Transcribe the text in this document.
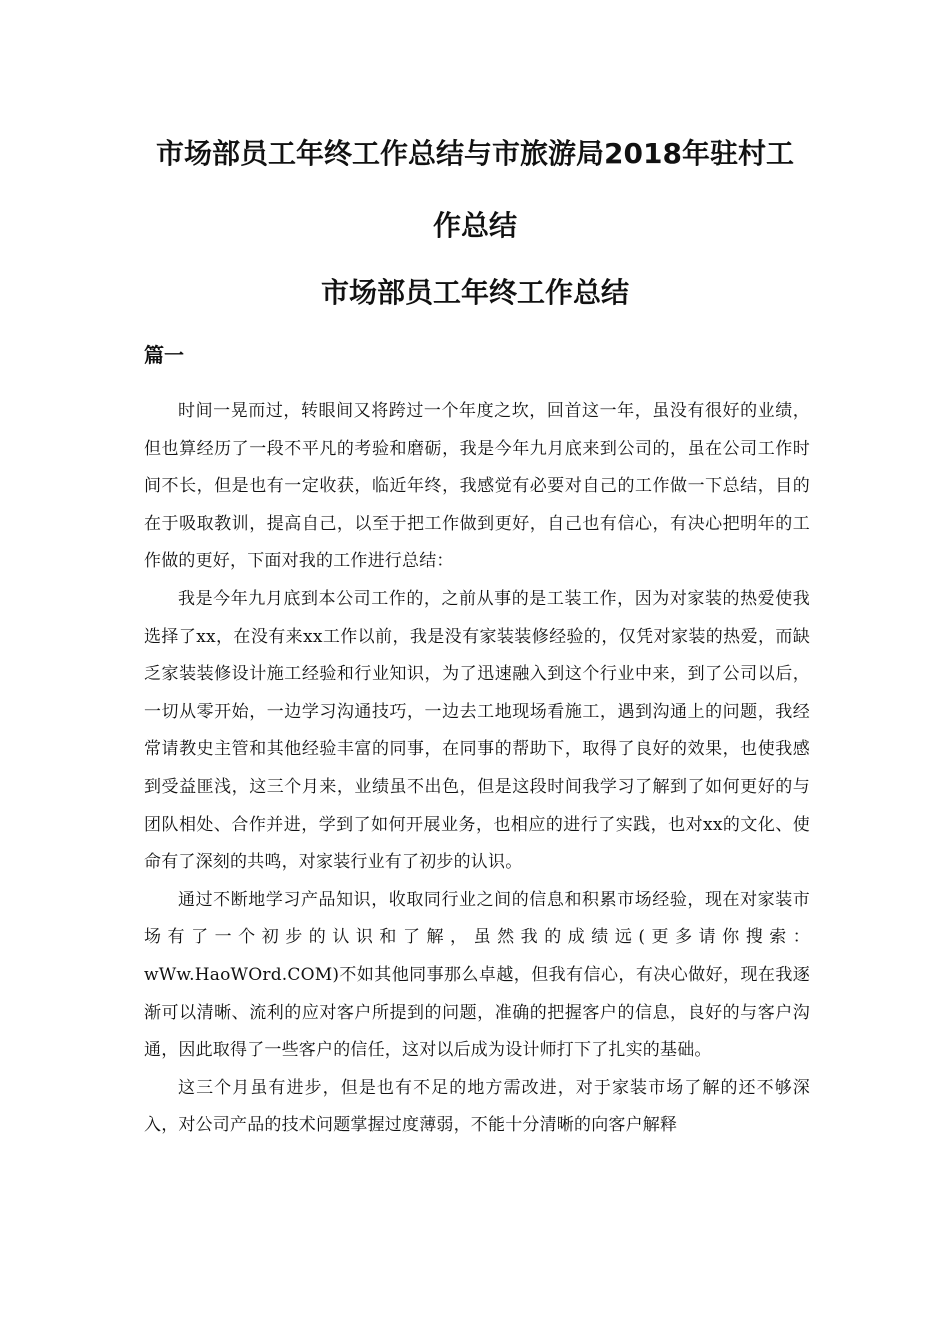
市场部员工年终工作总结与市旅游局2018年驻村工
作总结
市场部员工年终工作总结
篇一

时间一晃而过，转眼间又将跨过一个年度之坎，回首这一年，虽没有很好的业绩，但也算经历了一段不平凡的考验和磨砺，我是今年九月底来到公司的，虽在公司工作时间不长，但是也有一定收获，临近年终，我感觉有必要对自己的工作做一下总结，目的在于吸取教训，提高自己，以至于把工作做到更好，自己也有信心，有决心把明年的工作做的更好，下面对我的工作进行总结：

我是今年九月底到本公司工作的，之前从事的是工装工作，因为对家装的热爱使我选择了xx，在没有来xx工作以前，我是没有家装装修经验的，仅凭对家装的热爱，而缺乏家装装修设计施工经验和行业知识，为了迅速融入到这个行业中来，到了公司以后，一切从零开始，一边学习沟通技巧，一边去工地现场看施工，遇到沟通上的问题，我经常请教史主管和其他经验丰富的同事，在同事的帮助下，取得了良好的效果，也使我感到受益匪浅，这三个月来，业绩虽不出色，但是这段时间我学习了解到了如何更好的与团队相处、合作并进，学到了如何开展业务，也相应的进行了实践，也对xx的文化、使命有了深刻的共鸣，对家装行业有了初步的认识。

通过不断地学习产品知识，收取同行业之间的信息和积累市场经验，现在对家装市场有了一个初步的认识和了解，虽然我的成绩远(更多请你搜索：wWw.HaoWOrd.COM)不如其他同事那么卓越，但我有信心，有决心做好，现在我逐渐可以清晰、流利的应对客户所提到的问题，准确的把握客户的信息，良好的与客户沟通，因此取得了一些客户的信任，这对以后成为设计师打下了扎实的基础。

这三个月虽有进步，但是也有不足的地方需改进，对于家装市场了解的还不够深入，对公司产品的技术问题掌握过度薄弱，不能十分清晰的向客户解释
